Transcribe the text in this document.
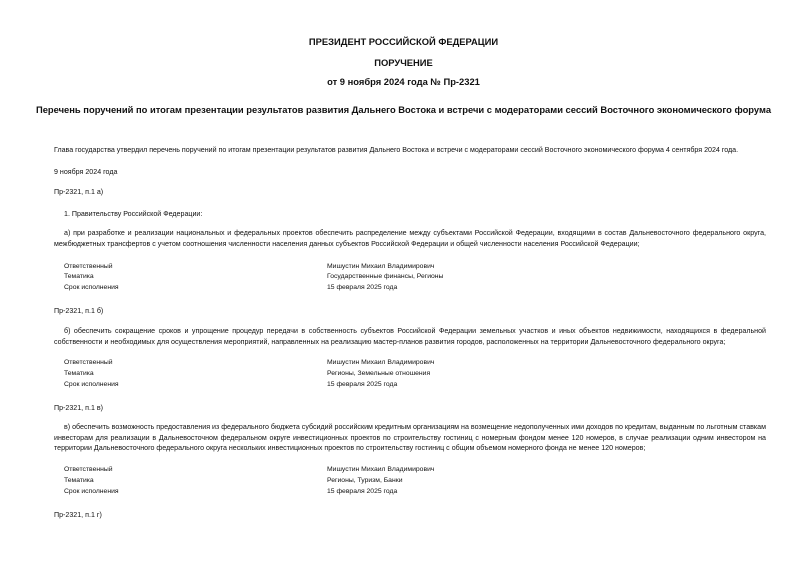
ПРЕЗИДЕНТ РОССИЙСКОЙ ФЕДЕРАЦИИ
ПОРУЧЕНИЕ
от 9 ноября 2024 года № Пр-2321
Перечень поручений по итогам презентации результатов развития Дальнего Востока и встречи с модераторами сессий Восточного экономического форума
Глава государства утвердил перечень поручений по итогам презентации результатов развития Дальнего Востока и встречи с модераторами сессий Восточного экономического форума 4 сентября 2024 года.
9 ноября 2024 года
Пр-2321, п.1 а)
1. Правительству Российской Федерации:
а) при разработке и реализации национальных и федеральных проектов обеспечить распределение между субъектами Российской Федерации, входящими в состав Дальневосточного федерального округа, межбюджетных трансфертов с учетом соотношения численности населения данных субъектов Российской Федерации и общей численности населения Российской Федерации;
Ответственный	Мишустин Михаил Владимирович
Тематика	Государственные финансы, Регионы
Срок исполнения	15 февраля 2025 года
Пр-2321, п.1 б)
б) обеспечить сокращение сроков и упрощение процедур передачи в собственность субъектов Российской Федерации земельных участков и иных объектов недвижимости, находящихся в федеральной собственности и необходимых для осуществления мероприятий, направленных на реализацию мастер-планов развития городов, расположенных на территории Дальневосточного федерального округа;
Ответственный	Мишустин Михаил Владимирович
Тематика	Регионы, Земельные отношения
Срок исполнения	15 февраля 2025 года
Пр-2321, п.1 в)
в) обеспечить возможность предоставления из федерального бюджета субсидий российским кредитным организациям на возмещение недополученных ими доходов по кредитам, выданным по льготным ставкам инвесторам для реализации в Дальневосточном федеральном округе инвестиционных проектов по строительству гостиниц с номерным фондом менее 120 номеров, в случае реализации одним инвестором на территории Дальневосточного федерального округа нескольких инвестиционных проектов по строительству гостиниц с общим объемом номерного фонда не менее 120 номеров;
Ответственный	Мишустин Михаил Владимирович
Тематика	Регионы, Туризм, Банки
Срок исполнения	15 февраля 2025 года
Пр-2321, п.1 г)
